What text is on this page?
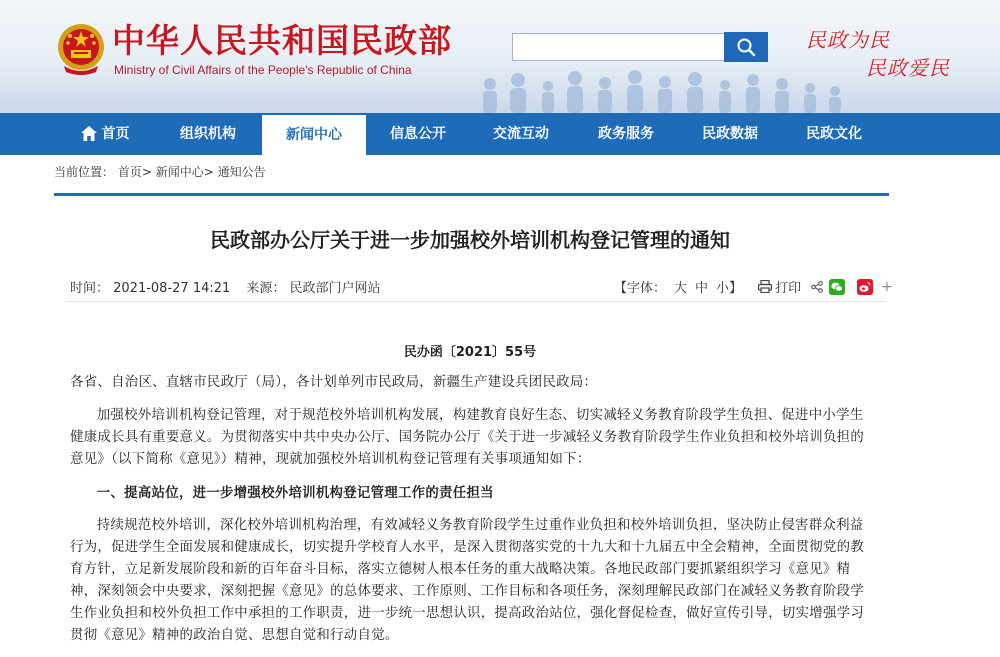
中华人民共和国民政部
Ministry of Civil Affairs of the People's Republic of China
民政为民
民政爱民
首页	组织机构	新闻中心	信息公开	交流互动	政务服务	民政数据	民政文化
当前位置： 首页> 新闻中心> 通知公告
民政部办公厅关于进一步加强校外培训机构登记管理的通知
时间： 2021-08-27 14:21 来源： 民政部门户网站	【字体： 大 中 小】	打印	+
民办函〔2021〕55号

各省、自治区、直辖市民政厅（局），各计划单列市民政局，新疆生产建设兵团民政局：

加强校外培训机构登记管理，对于规范校外培训机构发展，构建教育良好生态、切实减轻义务教育阶段学生负担、促进中小学生健康成长具有重要意义。为贯彻落实中共中央办公厅、国务院办公厅《关于进一步减轻义务教育阶段学生作业负担和校外培训负担的意见》（以下简称《意见》）精神，现就加强校外培训机构登记管理有关事项通知如下：

一、提高站位，进一步增强校外培训机构登记管理工作的责任担当

持续规范校外培训，深化校外培训机构治理，有效减轻义务教育阶段学生过重作业负担和校外培训负担，坚决防止侵害群众利益行为，促进学生全面发展和健康成长，切实提升学校育人水平，是深入贯彻落实党的十九大和十九届五中全会精神，全面贯彻党的教育方针，立足新发展阶段和新的百年奋斗目标，落实立德树人根本任务的重大战略决策。各地民政部门要抓紧组织学习《意见》精神，深刻领会中央要求，深刻把握《意见》的总体要求、工作原则、工作目标和各项任务，深刻理解民政部门在减轻义务教育阶段学生作业负担和校外负担工作中承担的工作职责，进一步统一思想认识，提高政治站位，强化督促检查，做好宣传引导，切实增强学习贯彻《意见》精神的政治自觉、思想自觉和行动自觉。
